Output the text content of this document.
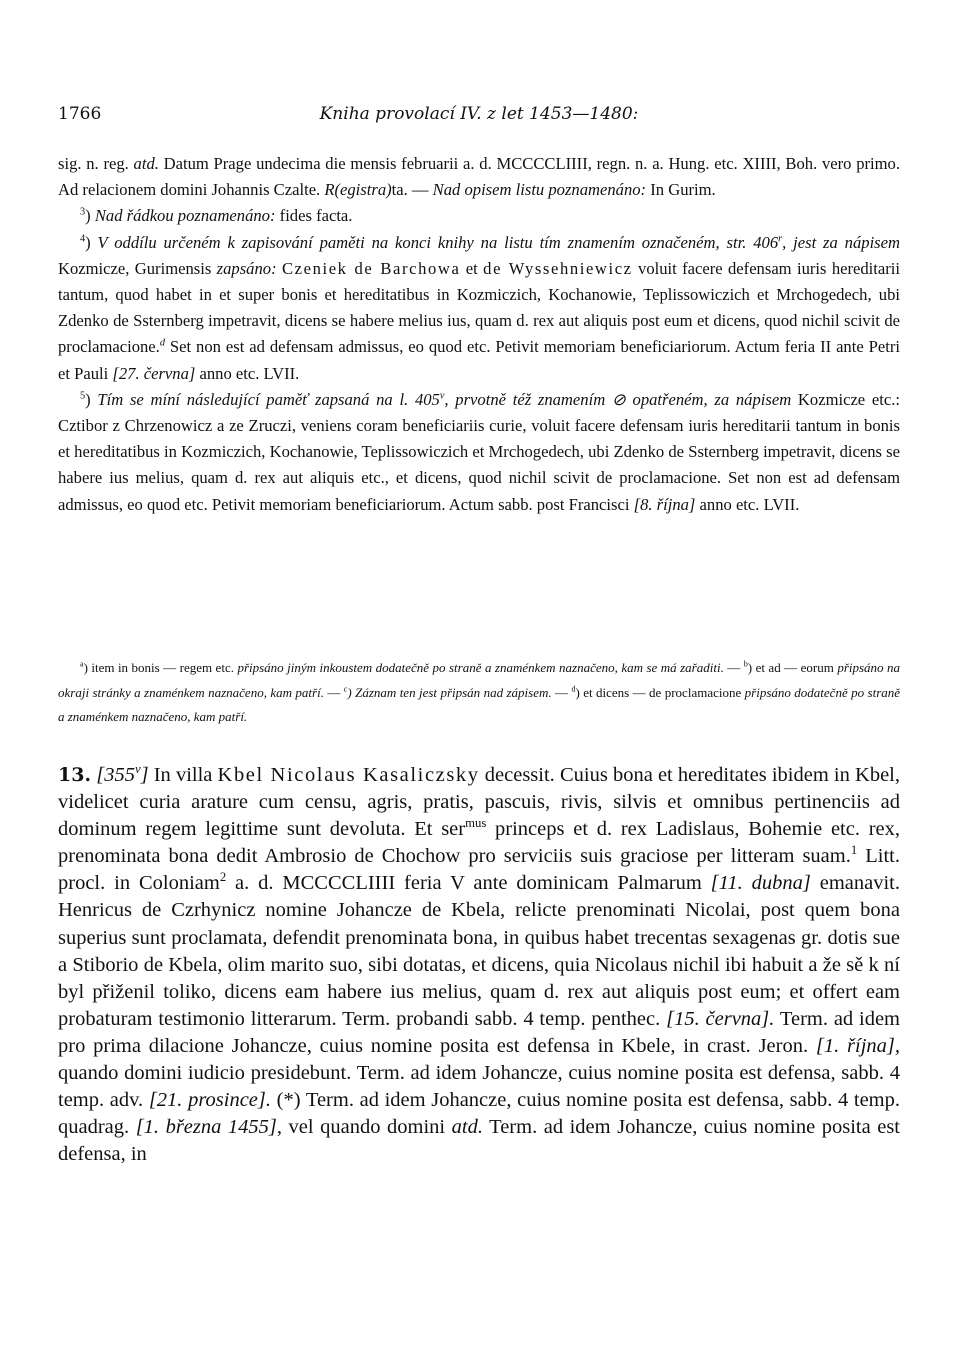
1766	Kniha provolací IV. z let 1453—1480:

sig. n. reg. atd. Datum Prage undecima die mensis februarii a. d. MCCCCLIIII, regn. n. a. Hung. etc. XIIII, Boh. vero primo. Ad relacionem domini Johannis Czalte. R(egistra)ta. — Nad opisem listu poznamenáno: In Gurim.

$^3$) Nad řádkou poznamenáno: fides facta.

$^4$) V oddílu určeném k zapisování paměti na konci knihy na listu tím znamením označeném, str. 406$^r$, jest za nápisem Kozmicze, Gurimensis zapsáno: Czeniek de Barchowa et de Wyssehniewicz voluit facere defensam iuris hereditarii tantum, quod habet in et super bonis et hereditatibus in Kozmiczich, Kochanowie, Teplissowiczich et Mrchogedech, ubi Zdenko de Ssternberg impetravit, dicens se habere melius ius, quam d. rex aut aliquis post eum et dicens, quod nichil scivit de proclamacione.$^d$ Set non est ad defensam admissus, eo quod etc. Petivit memoriam beneficiariorum. Actum feria II ante Petri et Pauli [27. června] anno etc. LVII.

$^5$) Tím se míní následující paměť zapsaná na l. 405$^v$, prvotně též znamením ⊘ opatřeném, za nápisem Kozmicze etc.: Cztibor z Chrzenowicz a ze Zruczi, veniens coram beneficiariis curie, voluit facere defensam iuris hereditarii tantum in bonis et hereditatibus in Kozmiczich, Kochanowie, Teplissowiczich et Mrchogedech, ubi Zdenko de Ssternberg impetravit, dicens se habere ius melius, quam d. rex aut aliquis etc., et dicens, quod nichil scivit de proclamacione. Set non est ad defensam admissus, eo quod etc. Petivit memoriam beneficiariorum. Actum sabb. post Francisci [8. října] anno etc. LVII.

$^a$) item in bonis — regem etc. připsáno jiným inkoustem dodatečně po straně a znaménkem naznačeno, kam se má zařaditi. — $^b$) et ad — eorum připsáno na okraji stránky a znaménkem naznačeno, kam patří. — $^c$) Záznam ten jest připsán nad zápisem. — $^d$) et dicens — de proclamacione připsáno dodatečně po straně a znaménkem naznačeno, kam patří.

13. [355$^v$] In villa Kbel Nicolaus Kasaliczsky decessit. Cuius bona et hereditates ibidem in Kbel, videlicet curia arature cum censu, agris, pratis, pascuis, rivis, silvis et omnibus pertinenciis ad dominum regem legittime sunt devoluta. Et ser$^{mus}$ princeps et d. rex Ladislaus, Bohemie etc. rex, prenominata bona dedit Ambrosio de Chochow pro serviciis suis graciose per litteram suam.$^1$ Litt. procl. in Coloniam$^2$ a. d. MCCCCLIIII feria V ante dominicam Palmarum [11. dubna] emanavit. Henricus de Czrhynicz nomine Johancze de Kbela, relicte prenominati Nicolai, post quem bona superius sunt proclamata, defendit prenominata bona, in quibus habet trecentas sexagenas gr. dotis sue a Stiborio de Kbela, olim marito suo, sibi dotatas, et dicens, quia Nicolaus nichil ibi habuit a že sě k ní byl přiženil toliko, dicens eam habere ius melius, quam d. rex aut aliquis post eum; et offert eam probaturam testimonio litterarum. Term. probandi sabb. 4 temp. penthec. [15. června]. Term. ad idem pro prima dilacione Johancze, cuius nomine posita est defensa in Kbele, in crast. Jeron. [1. října], quando domini iudicio presidebunt. Term. ad idem Johancze, cuius nomine posita est defensa, sabb. 4 temp. adv. [21. prosince]. (*) Term. ad idem Johancze, cuius nomine posita est defensa, sabb. 4 temp. quadrag. [1. března 1455], vel quando domini atd. Term. ad idem Johancze, cuius nomine posita est defensa, in
